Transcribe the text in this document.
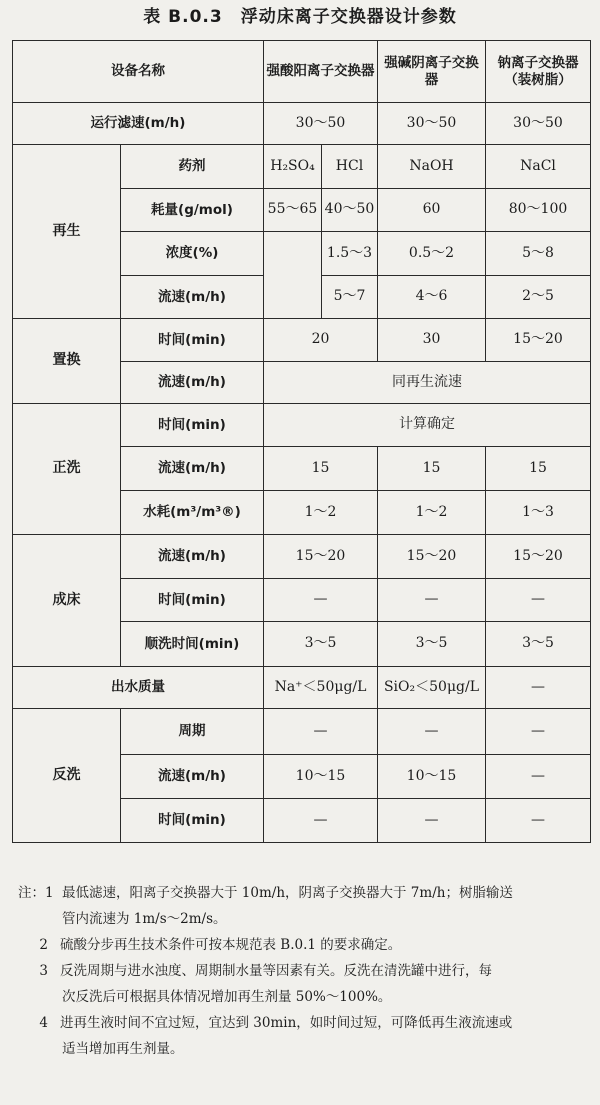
表 B.0.3　浮动床离子交换器设计参数
设备名称		强酸阳离子交换器		强碱阴离子交换器	钠离子交换器（装树脂）
运行滤速(m/h)		30～50		30～50	30～50
再生	药剂	H₂SO₄	HCl	NaOH	NaCl
	耗量(g/mol)	55～65	40～50	60	80～100
	浓度(%)		1.5～3	0.5～2	5～8
	流速(m/h)		5～7	4～6	2～5
置换	时间(min)	20		30	15～20
	流速(m/h)	同再生流速			
正洗	时间(min)	计算确定			
	流速(m/h)	15		15	15
	水耗(m³/m³®)	1～2		1～2	1～3
成床	流速(m/h)	15～20		15～20	15～20
	时间(min)	—		—	—
	顺洗时间(min)	3～5		3～5	3～5
出水质量		Na⁺＜50μg/L		SiO₂＜50μg/L	—
反洗	周期	—		—	—
	流速(m/h)	10～15		10～15	—
	时间(min)	—		—	—
注：1 最低滤速，阳离子交换器大于 10m/h，阴离子交换器大于 7m/h；树脂输送
管内流速为 1m/s～2m/s。
2 硫酸分步再生技术条件可按本规范表 B.0.1 的要求确定。
3 反洗周期与进水浊度、周期制水量等因素有关。反洗在清洗罐中进行，每
次反洗后可根据具体情况增加再生剂量 50%～100%。
4 进再生液时间不宜过短，宜达到 30min，如时间过短，可降低再生液流速或
适当增加再生剂量。
